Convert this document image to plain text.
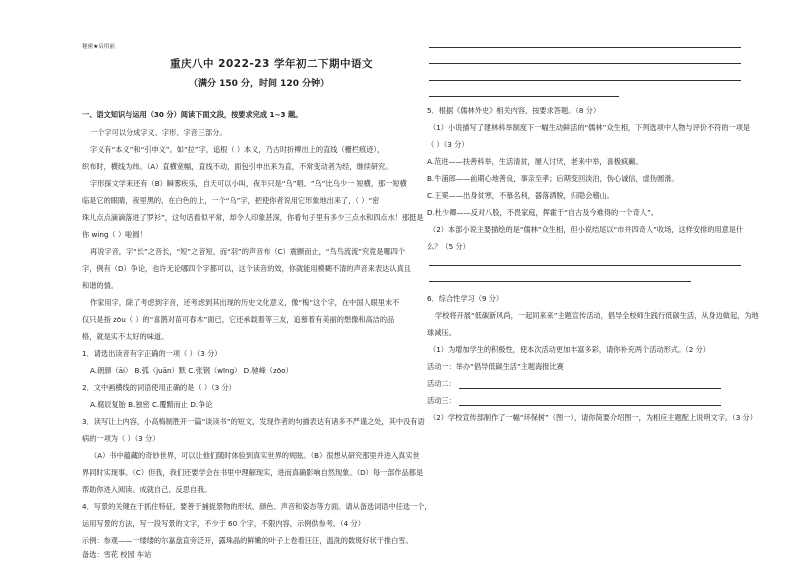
秘密★启用前
重庆八中 2022-23 学年初二下期中语文
（满分 150 分，时间 120 分钟）
一、语文知识与运用（30 分）阅读下面文段，按要求完成 1~3 题。
一个字可以分成字义、字形、字音三部分。
字义有“本义”和“引申义”。如“拉”字，追根（ ）本义，乃古时折柳出上的直线（栅栏痕迹），
织布时，横线为纬。（A）直横宽幅，直线不动，面包引申出来为直，不常变动者为经，继续研究。
字形探文学来还有（B）瞬雾疾乐，自天可以小叫，夜半只是“乌”唱、“乌”比乌少一 短横，那一短横
临是它的眼睛，夜里黑的，在白色的上，一个“乌”字，把使你者说用它形象地出来了，（ ）“密
珠儿点点滴滴落进了罗衫”，这句话看似平常，却令人印象甚深，你看句子里有多少三点水和四点水！那挺是
你 wing（ ）啦圆！
再说字音，字“长”之音长，“短”之音短，而“羽”的声音布（C）震颤而止，“鸟鸟流流”究竟是哪四个
字，例有（D）争论，也许无论哪四个字都可以，这个读音的效，你就能用模糊不清的声音来表达认真且
和谐的情。
作家用字，除了考虑到字音，还考虑到其出现的历史文化意义，像“梅”这个字，在中国人眼里未不
仅只是指 zōu（ ）的“喜鹊对苗可春木”面已，它还承载着等三友，追慕着有美丽的想像和高洁的品
格，就是实不太好的味道。
1．请选出读音有字正确的一项（ ）（3 分）
A.朗颜（āi） B.弧（juān）默 C.张钢（wīng） D.驰峰（zōo）
2．文中画横线的词语使用正确的是（ ）（3 分）
A.腐辰复胎 B.独密 C.覆黯而止 D.争论
3．读写让上内容，小高梅制胜开一篇“谈读书”的短文，发现作者的句描表达有诸多不严谨之处，其中没有语
病的一项为（ ）（3 分）
（A）书中蕴藏的奇妙世界，可以让他们随时体验到真实世界的规眩。（B）很想从研究那里并进入真实世
界同时实现事。（C）但我，我们还要学会在书里中理解现实，进而真确影响自然现象。（D）每一部作品都是
帮助你进入阅读、成就自己、反思自我。
4．写景的关键在于抓住特征，要善于捕捉景物的形状、颜色、声音和姿态等方面。请从备选词语中任选一个，
运用写景的方法，写一段写景的文字，不少于 60 个字，不限内容，示例供参考。（4 分）
示例：参观——一缕缕的尔嘉盘直旁泛开，露珠晶的鲜嫩的叶子上卷着汪汪，温洗的数斑好状干推白雪。
备选：雪花 校园 车站
5．根据《儒林外史》相关内容，按要求答题。（8 分）
（1）小说描写了建林科举制度下一幅生动鲜活的“儒林”众生相，下列选项中人物与评价不符的一项是
（ ）（3 分）
A.范进——扶善科举，生活清贫，屡人讨厌，老来中举，喜极疯癫。
B.牛浦郎——前期心地善良，事亲至孝；后期变回淡泊，伪心诚信，虚伪圆滑。
C.王冕——出身贫寒，不慕名利，器落洒脱，归隐会稽山。
D.杜少卿——反对八股，不畏家庭，挥霍于“自古及今难得的一个奇人”。
（2）本部小说主要描绘的是“儒林”众生相，但小说结尾以“市井四奇人”收场，这样安排的用意是什
么？（5 分）
6．综合性学习（9 分）
学校将开展“低碳新风尚，一起同来来”主题宣传活动，倡导全校师生践行低碳生活，从身边做起，为地
球减压。
（1）为增加学生的积极性，使本次活动更加丰富多彩，请你补充两个活动形式。（2 分）
活动一：举办“倡导低碳生活”主题海报比赛
活动二：
活动三：
（2）学校宣传部制作了一幅“环保树”（图一），请你简要介绍图一，为相应主题配上说明文字。（3 分）
